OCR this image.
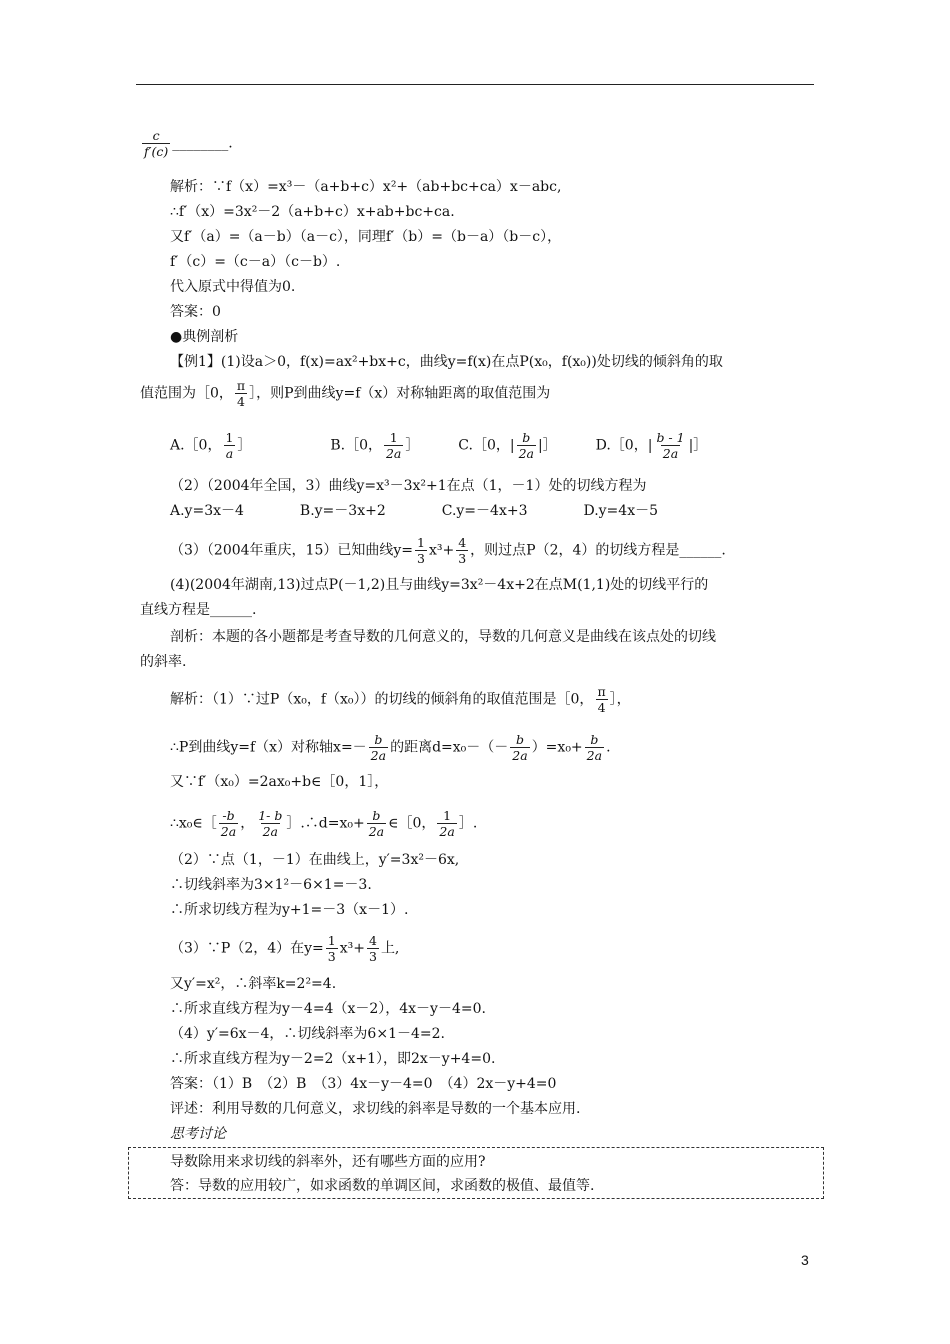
$\frac{c}{f'(c)}$ ________.
解析：∵f（x）=x³－（a+b+c）x²+（ab+bc+ca）x－abc,
∴f′（x）=3x²－2（a+b+c）x+ab+bc+ca.
又f′（a）=（a－b）（a－c），同理f′（b）=（b－a）（b－c），
f′（c）=（c－a）（c－b）.
代入原式中得值为0.
答案：0
●典例剖析
【例1】(1)设a＞0，f(x)=ax²+bx+c，曲线y=f(x)在点P(x₀，f(x₀))处切线的倾斜角的取
值范围为［0， $\frac{\pi}{4}$ ］，则P到曲线y=f（x）对称轴距离的取值范围为
A.［0， $\frac{1}{a}$ ］	B.［0， $\frac{1}{2a}$ ］	C.［0，| $\frac{b}{2a}$ |］	D.［0，| $\frac{b - 1}{2a}$ |］
（2）（2004年全国，3）曲线y=x³－3x²+1在点（1，－1）处的切线方程为
A.y=3x－4　　　　B.y=－3x+2　　　　C.y=－4x+3　　　　D.y=4x－5
（3）（2004年重庆，15）已知曲线$y= \frac{1}{3} x^3+ \frac{4}{3}$ ，则过点P（2，4）的切线方程是______.
(4)(2004年湖南,13)过点P(－1,2)且与曲线y=3x²－4x+2在点M(1,1)处的切线平行的
直线方程是______.
剖析：本题的各小题都是考查导数的几何意义的，导数的几何意义是曲线在该点处的切线
的斜率.
解析：（1）∵过P（x₀，f（x₀））的切线的倾斜角的取值范围是［0， $\frac{\pi}{4}$ ］，
∴P到曲线y=f（x）对称轴$x=- \frac{b}{2a}$ 的距离$d=x_0-(- \frac{b}{2a} )=x_0+ \frac{b}{2a}$ .
又∵f′（x₀）=2ax₀+b∈［0，1］，
∴x₀∈［ $\frac{-b}{2a}$ ， $\frac{1- b}{2a}$ ］.∴d=x₀+ $\frac{b}{2a}$ ∈［0， $\frac{1}{2a}$ ］.
（2）∵点（1，－1）在曲线上，y′=3x²－6x,
∴切线斜率为3×1²－6×1=－3.
∴所求切线方程为y+1=－3（x－1）.
（3）∵P（2，4）在$y= \frac{1}{3} x^3+ \frac{4}{3}$ 上,
又y′=x²，∴斜率k=2²=4.
∴所求直线方程为y－4=4（x－2），4x－y－4=0.
（4）y′=6x－4，∴切线斜率为6×1－4=2.
∴所求直线方程为y－2=2（x+1），即2x－y+4=0.
答案：（1）B　（2）B　（3）4x－y－4=0　（4）2x－y+4=0
评述：利用导数的几何意义，求切线的斜率是导数的一个基本应用.
思考讨论
导数除用来求切线的斜率外，还有哪些方面的应用?
答：导数的应用较广，如求函数的单调区间，求函数的极值、最值等.
3
